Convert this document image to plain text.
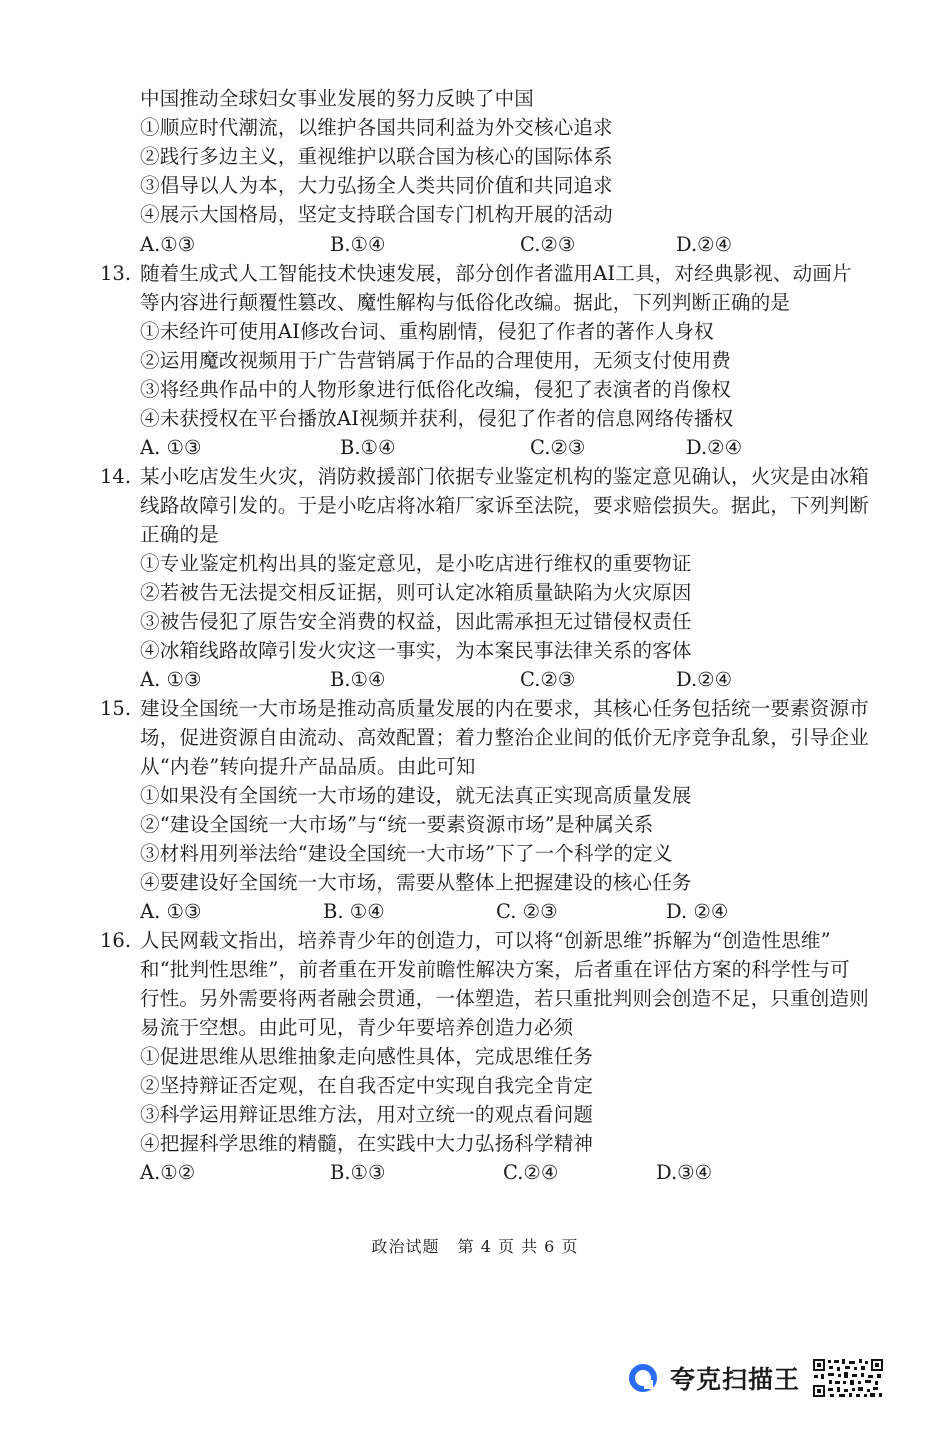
中国推动全球妇女事业发展的努力反映了中国
①顺应时代潮流，以维护各国共同利益为外交核心追求
②践行多边主义，重视维护以联合国为核心的国际体系
③倡导以人为本，大力弘扬全人类共同价值和共同追求
④展示大国格局，坚定支持联合国专门机构开展的活动
A.①③	B.①④	C.②③	D.②④
13. 随着生成式人工智能技术快速发展，部分创作者滥用AI工具，对经典影视、动画片
等内容进行颠覆性篡改、魔性解构与低俗化改编。据此，下列判断正确的是
①未经许可使用AI修改台词、重构剧情，侵犯了作者的著作人身权
②运用魔改视频用于广告营销属于作品的合理使用，无须支付使用费
③将经典作品中的人物形象进行低俗化改编，侵犯了表演者的肖像权
④未获授权在平台播放AI视频并获利，侵犯了作者的信息网络传播权
A. ①③	B.①④	C.②③	D.②④
14. 某小吃店发生火灾，消防救援部门依据专业鉴定机构的鉴定意见确认，火灾是由冰箱
线路故障引发的。于是小吃店将冰箱厂家诉至法院，要求赔偿损失。据此，下列判断
正确的是
①专业鉴定机构出具的鉴定意见，是小吃店进行维权的重要物证
②若被告无法提交相反证据，则可认定冰箱质量缺陷为火灾原因
③被告侵犯了原告安全消费的权益，因此需承担无过错侵权责任
④冰箱线路故障引发火灾这一事实，为本案民事法律关系的客体
A. ①③	B.①④	C.②③	D.②④
15. 建设全国统一大市场是推动高质量发展的内在要求，其核心任务包括统一要素资源市
场，促进资源自由流动、高效配置；着力整治企业间的低价无序竞争乱象，引导企业
从“内卷”转向提升产品品质。由此可知
①如果没有全国统一大市场的建设，就无法真正实现高质量发展
②“建设全国统一大市场”与“统一要素资源市场”是种属关系
③材料用列举法给“建设全国统一大市场”下了一个科学的定义
④要建设好全国统一大市场，需要从整体上把握建设的核心任务
A. ①③	B. ①④	C. ②③	D. ②④
16. 人民网载文指出，培养青少年的创造力，可以将“创新思维”拆解为“创造性思维”
和“批判性思维”，前者重在开发前瞻性解决方案，后者重在评估方案的科学性与可
行性。另外需要将两者融会贯通，一体塑造，若只重批判则会创造不足，只重创造则
易流于空想。由此可见，青少年要培养创造力必须
①促进思维从思维抽象走向感性具体，完成思维任务
②坚持辩证否定观，在自我否定中实现自我完全肯定
③科学运用辩证思维方法，用对立统一的观点看问题
④把握科学思维的精髓，在实践中大力弘扬科学精神
A.①②	B.①③	C.②④	D.③④
政治试题 第 4 页 共 6 页
夸克扫描王
